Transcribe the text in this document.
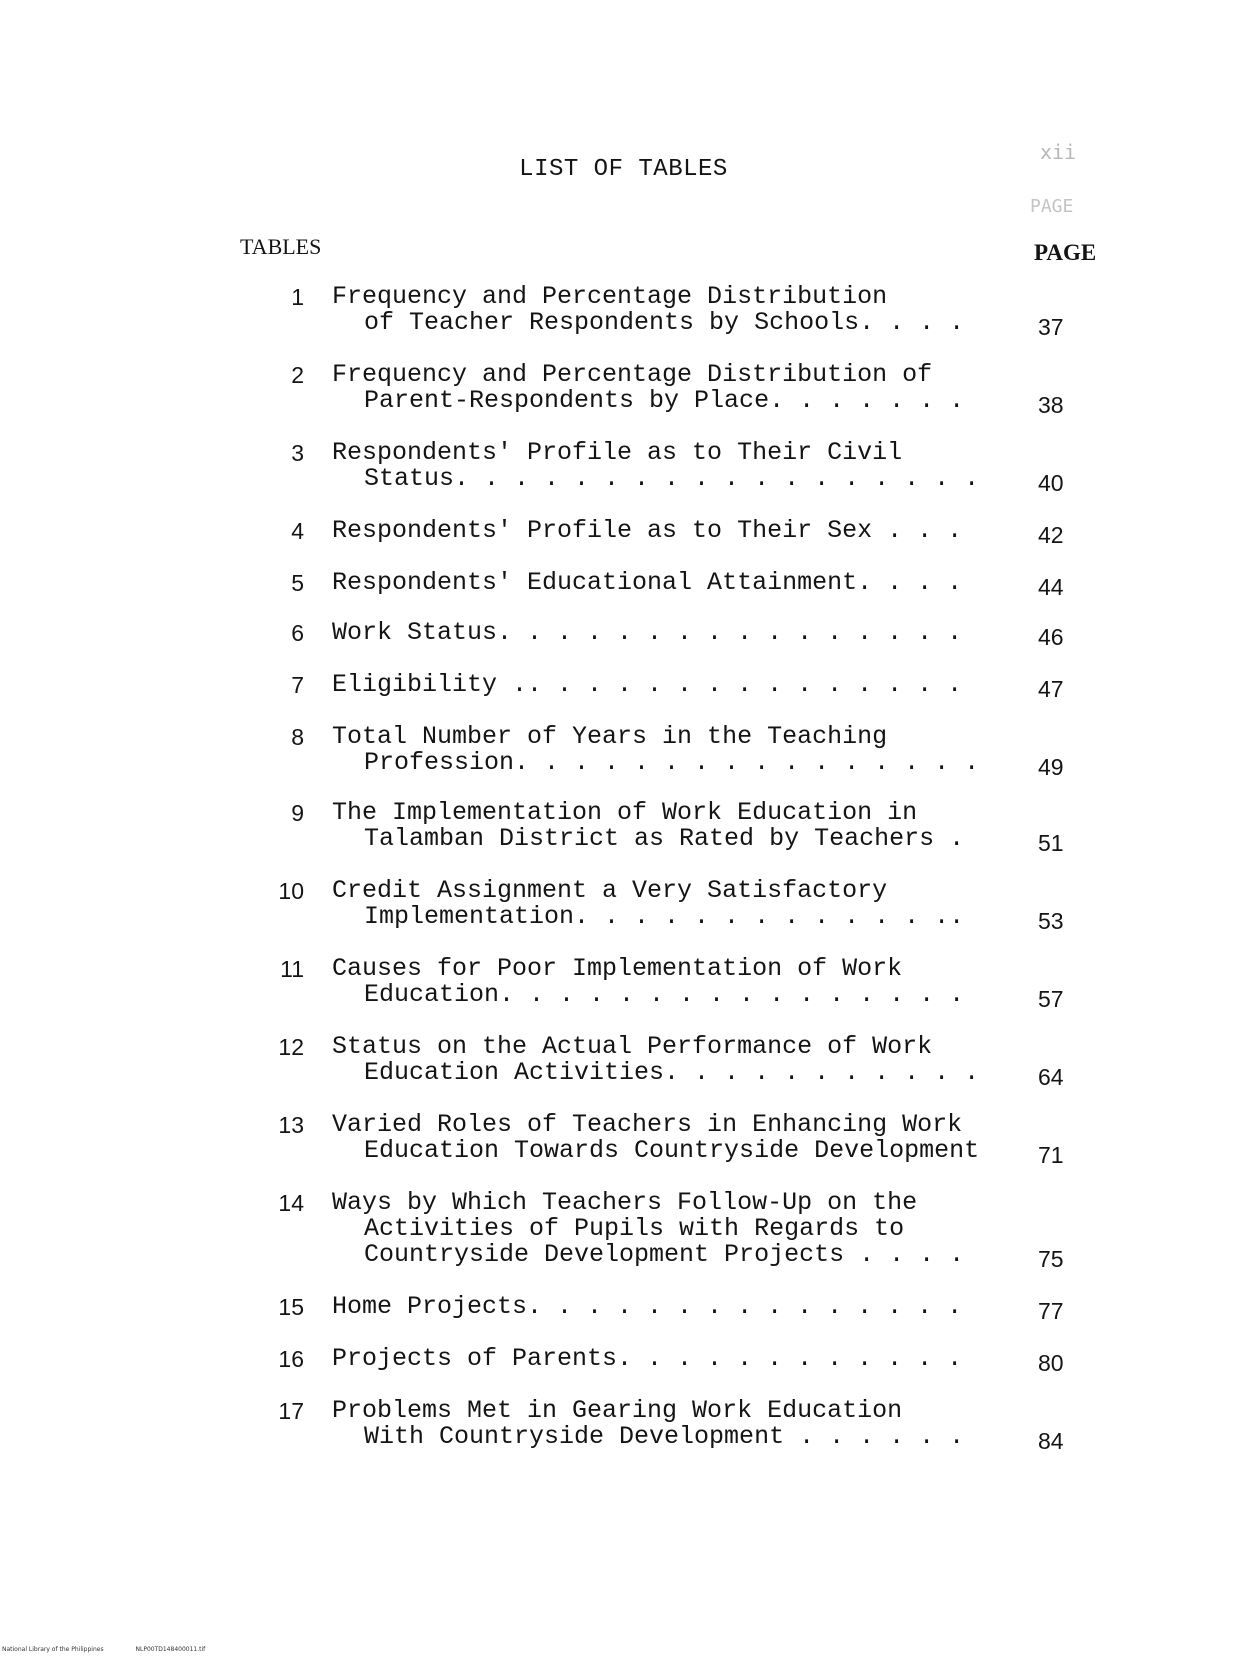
LIST OF TABLES
xii
PAGE
TABLES	PAGE
1 Frequency and Percentage Distribution
of Teacher Respondents by Schools. . . .	37
2 Frequency and Percentage Distribution of
Parent-Respondents by Place. . . . . . .	38
3 Respondents' Profile as to Their Civil
Status. . . . . . . . . . . . . . . . . .	40
4 Respondents' Profile as to Their Sex . . .	42
5 Respondents' Educational Attainment. . . .	44
6 Work Status. . . . . . . . . . . . . . . .	46
7 Eligibility .. . . . . . . . . . . . . . .	47
8 Total Number of Years in the Teaching
Profession. . . . . . . . . . . . . . . .	49
9 The Implementation of Work Education in
Talamban District as Rated by Teachers .	51
10 Credit Assignment a Very Satisfactory
Implementation. . . . . . . . . . . . ..	53
11 Causes for Poor Implementation of Work
Education. . . . . . . . . . . . . . . .	57
12 Status on the Actual Performance of Work
Education Activities. . . . . . . . . . .	64
13 Varied Roles of Teachers in Enhancing Work
Education Towards Countryside Development	71
14 Ways by Which Teachers Follow-Up on the
Activities of Pupils with Regards to
Countryside Development Projects . . . .	75
15 Home Projects. . . . . . . . . . . . . . .	77
16 Projects of Parents. . . . . . . . . . . .	80
17 Problems Met in Gearing Work Education
With Countryside Development . . . . . .	84
National Library of the Philippines	NLP00TD148400011.tif
